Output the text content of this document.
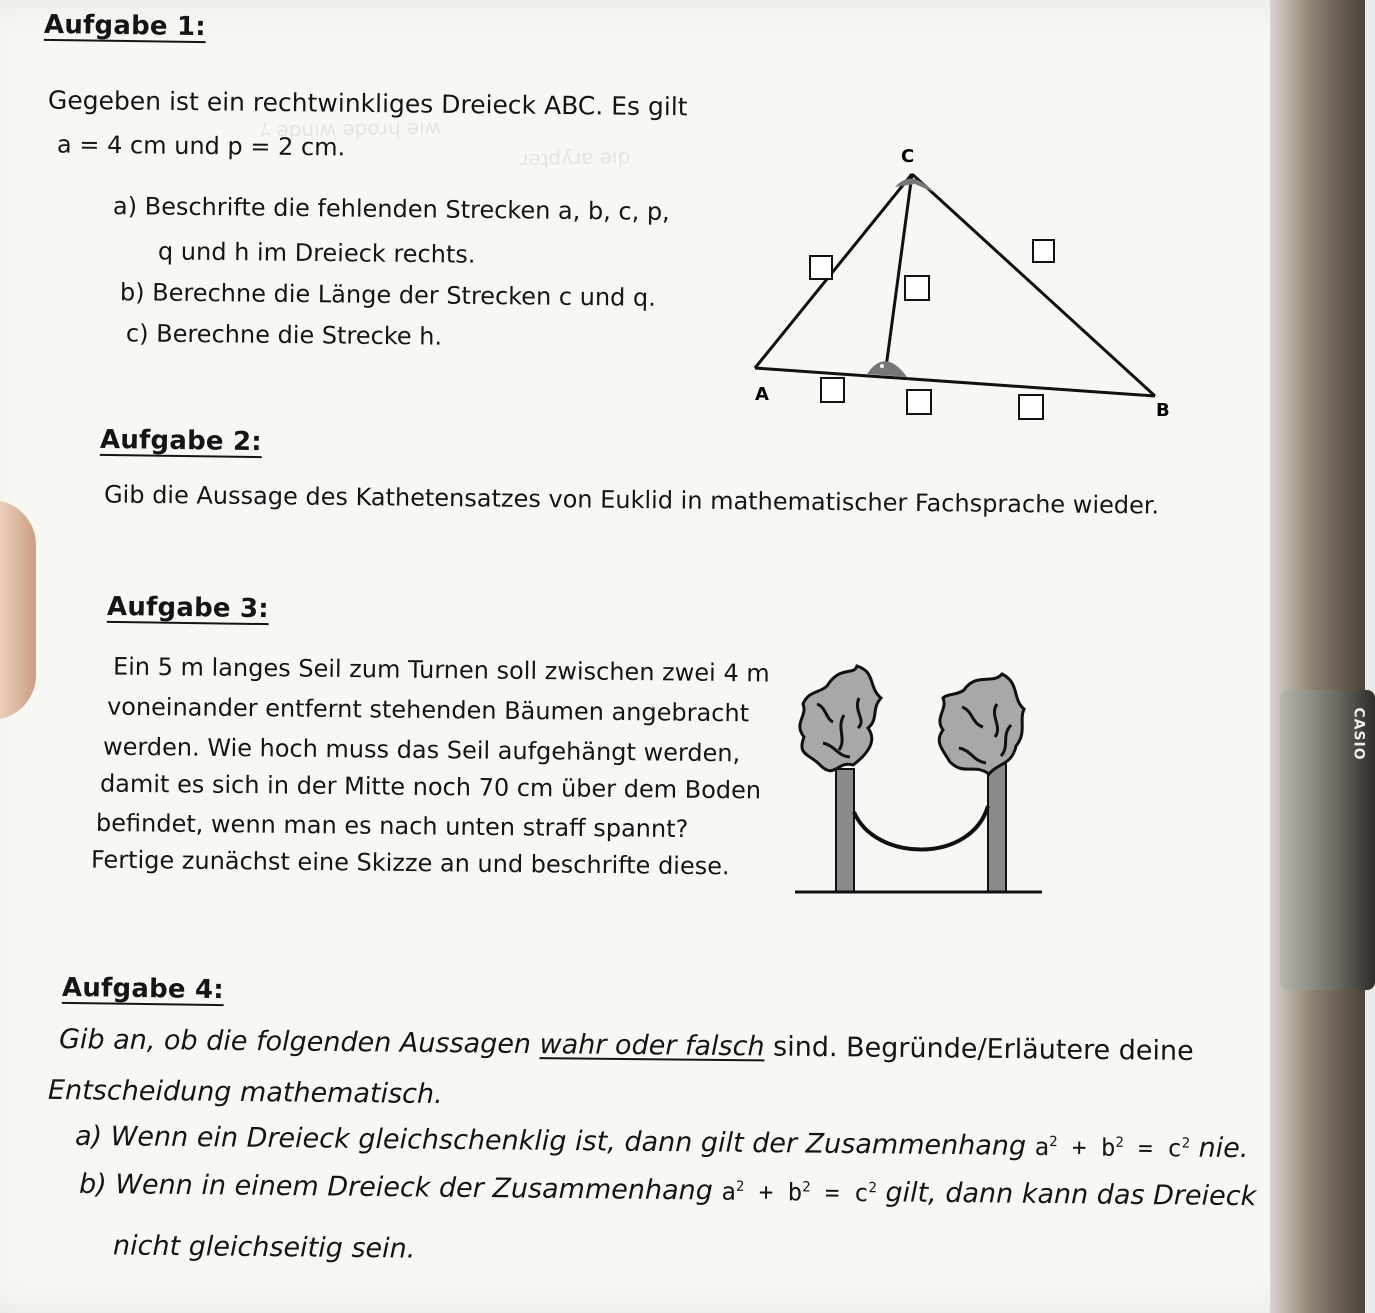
CASIO
ﾑ ǝpuıʍ ǝpoɹɥ ǝıʍ
ɹǝʇdʎɹɐ ǝıp
Aufgabe 1:
Gegeben ist ein rechtwinkliges Dreieck ABC. Es gilt
a = 4 cm und p = 2 cm.
a) Beschrifte die fehlenden Strecken a, b, c, p,
q und h im Dreieck rechts.
b) Berechne die Länge der Strecken c und q.
c) Berechne die Strecke h.
A
B
C
Aufgabe 2:
Gib die Aussage des Kathetensatzes von Euklid in mathematischer Fachsprache wieder.
Aufgabe 3:
Ein 5 m langes Seil zum Turnen soll zwischen zwei 4 m
voneinander entfernt stehenden Bäumen angebracht
werden. Wie hoch muss das Seil aufgehängt werden,
damit es sich in der Mitte noch 70 cm über dem Boden
befindet, wenn man es nach unten straff spannt?
Fertige zunächst eine Skizze an und beschrifte diese.
Aufgabe 4:
Gib an, ob die folgenden Aussagen wahr oder falsch sind. Begründe/Erläutere deine
Entscheidung mathematisch.
a) Wenn ein Dreieck gleichschenklig ist, dann gilt der Zusammenhang $a^2 + b^2 = c^2$ nie.
b) Wenn in einem Dreieck der Zusammenhang $a^2 + b^2 = c^2$ gilt, dann kann das Dreieck
nicht gleichseitig sein.
